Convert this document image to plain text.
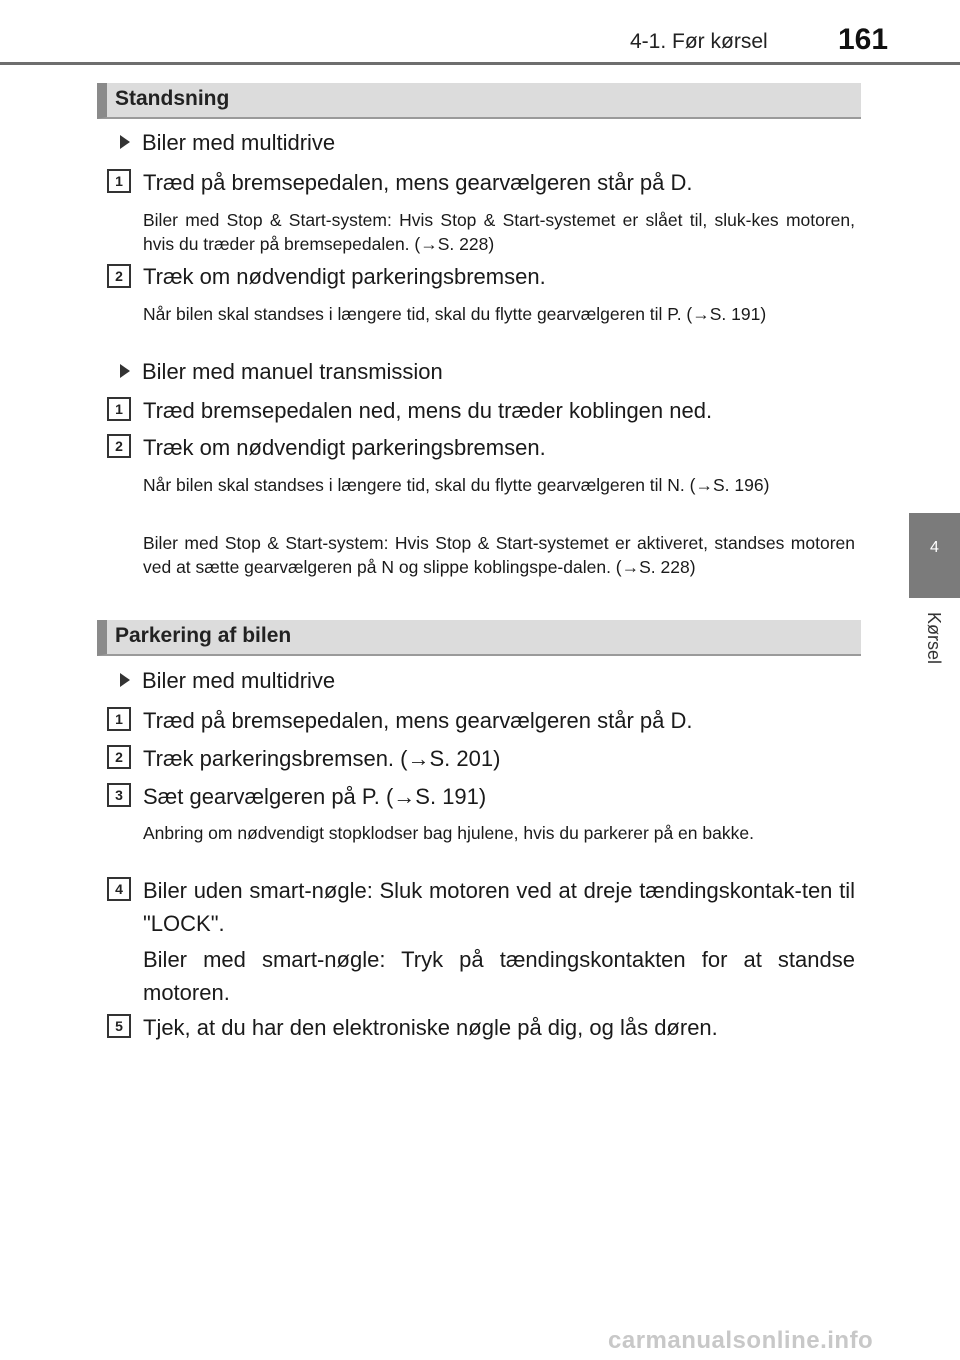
4-1. Før kørsel 161
4
Kørsel
Standsning
Biler med multidrive
1 Træd på bremsepedalen, mens gearvælgeren står på D.
Biler med Stop & Start-system: Hvis Stop & Start-systemet er slået til, sluk-kes motoren, hvis du træder på bremsepedalen. (→S. 228)
2 Træk om nødvendigt parkeringsbremsen.
Når bilen skal standses i længere tid, skal du flytte gearvælgeren til P. (→S. 191)
Biler med manuel transmission
1 Træd bremsepedalen ned, mens du træder koblingen ned.
2 Træk om nødvendigt parkeringsbremsen.
Når bilen skal standses i længere tid, skal du flytte gearvælgeren til N. (→S. 196)
Biler med Stop & Start-system: Hvis Stop & Start-systemet er aktiveret, standses motoren ved at sætte gearvælgeren på N og slippe koblingspe-dalen. (→S. 228)
Parkering af bilen
Biler med multidrive
1 Træd på bremsepedalen, mens gearvælgeren står på D.
2 Træk parkeringsbremsen. (→S. 201)
3 Sæt gearvælgeren på P. (→S. 191)
Anbring om nødvendigt stopklodser bag hjulene, hvis du parkerer på en bakke.
4 Biler uden smart-nøgle: Sluk motoren ved at dreje tændingskontak-ten til "LOCK".
Biler med smart-nøgle: Tryk på tændingskontakten for at standse motoren.
5 Tjek, at du har den elektroniske nøgle på dig, og lås døren.
carmanualsonline.info
